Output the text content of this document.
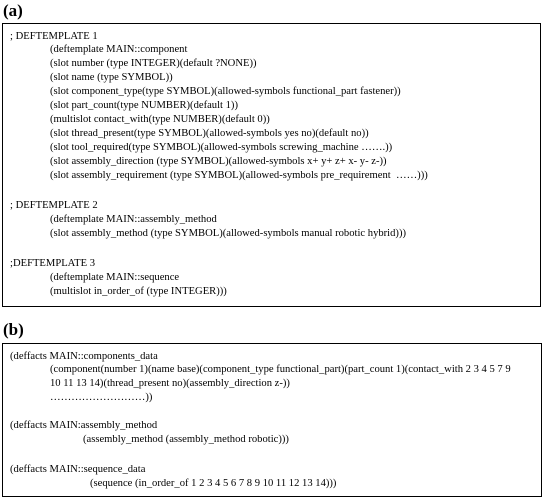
(a)
; DEFTEMPLATE 1
(deftemplate MAIN::component
(slot number (type INTEGER)(default ?NONE))
(slot name (type SYMBOL))
(slot component_type(type SYMBOL)(allowed-symbols functional_part fastener))
(slot part_count(type NUMBER)(default 1))
(multislot contact_with(type NUMBER)(default 0))
(slot thread_present(type SYMBOL)(allowed-symbols yes no)(default no))
(slot tool_required(type SYMBOL)(allowed-symbols screwing_machine …….))
(slot assembly_direction (type SYMBOL)(allowed-symbols x+ y+ z+ x- y- z-))
(slot assembly_requirement (type SYMBOL)(allowed-symbols pre_requirement  ……)))
; DEFTEMPLATE 2
(deftemplate MAIN::assembly_method
(slot assembly_method (type SYMBOL)(allowed-symbols manual robotic hybrid)))
;DEFTEMPLATE 3
(deftemplate MAIN::sequence
(multislot in_order_of (type INTEGER)))
(b)
(deffacts MAIN::components_data
(component(number 1)(name base)(component_type functional_part)(part_count 1)(contact_with 2 3 4 5 7 9
10 11 13 14)(thread_present no)(assembly_direction z-))
………………………))
(deffacts MAIN:assembly_method
(assembly_method (assembly_method robotic)))
(deffacts MAIN::sequence_data
(sequence (in_order_of 1 2 3 4 5 6 7 8 9 10 11 12 13 14)))
